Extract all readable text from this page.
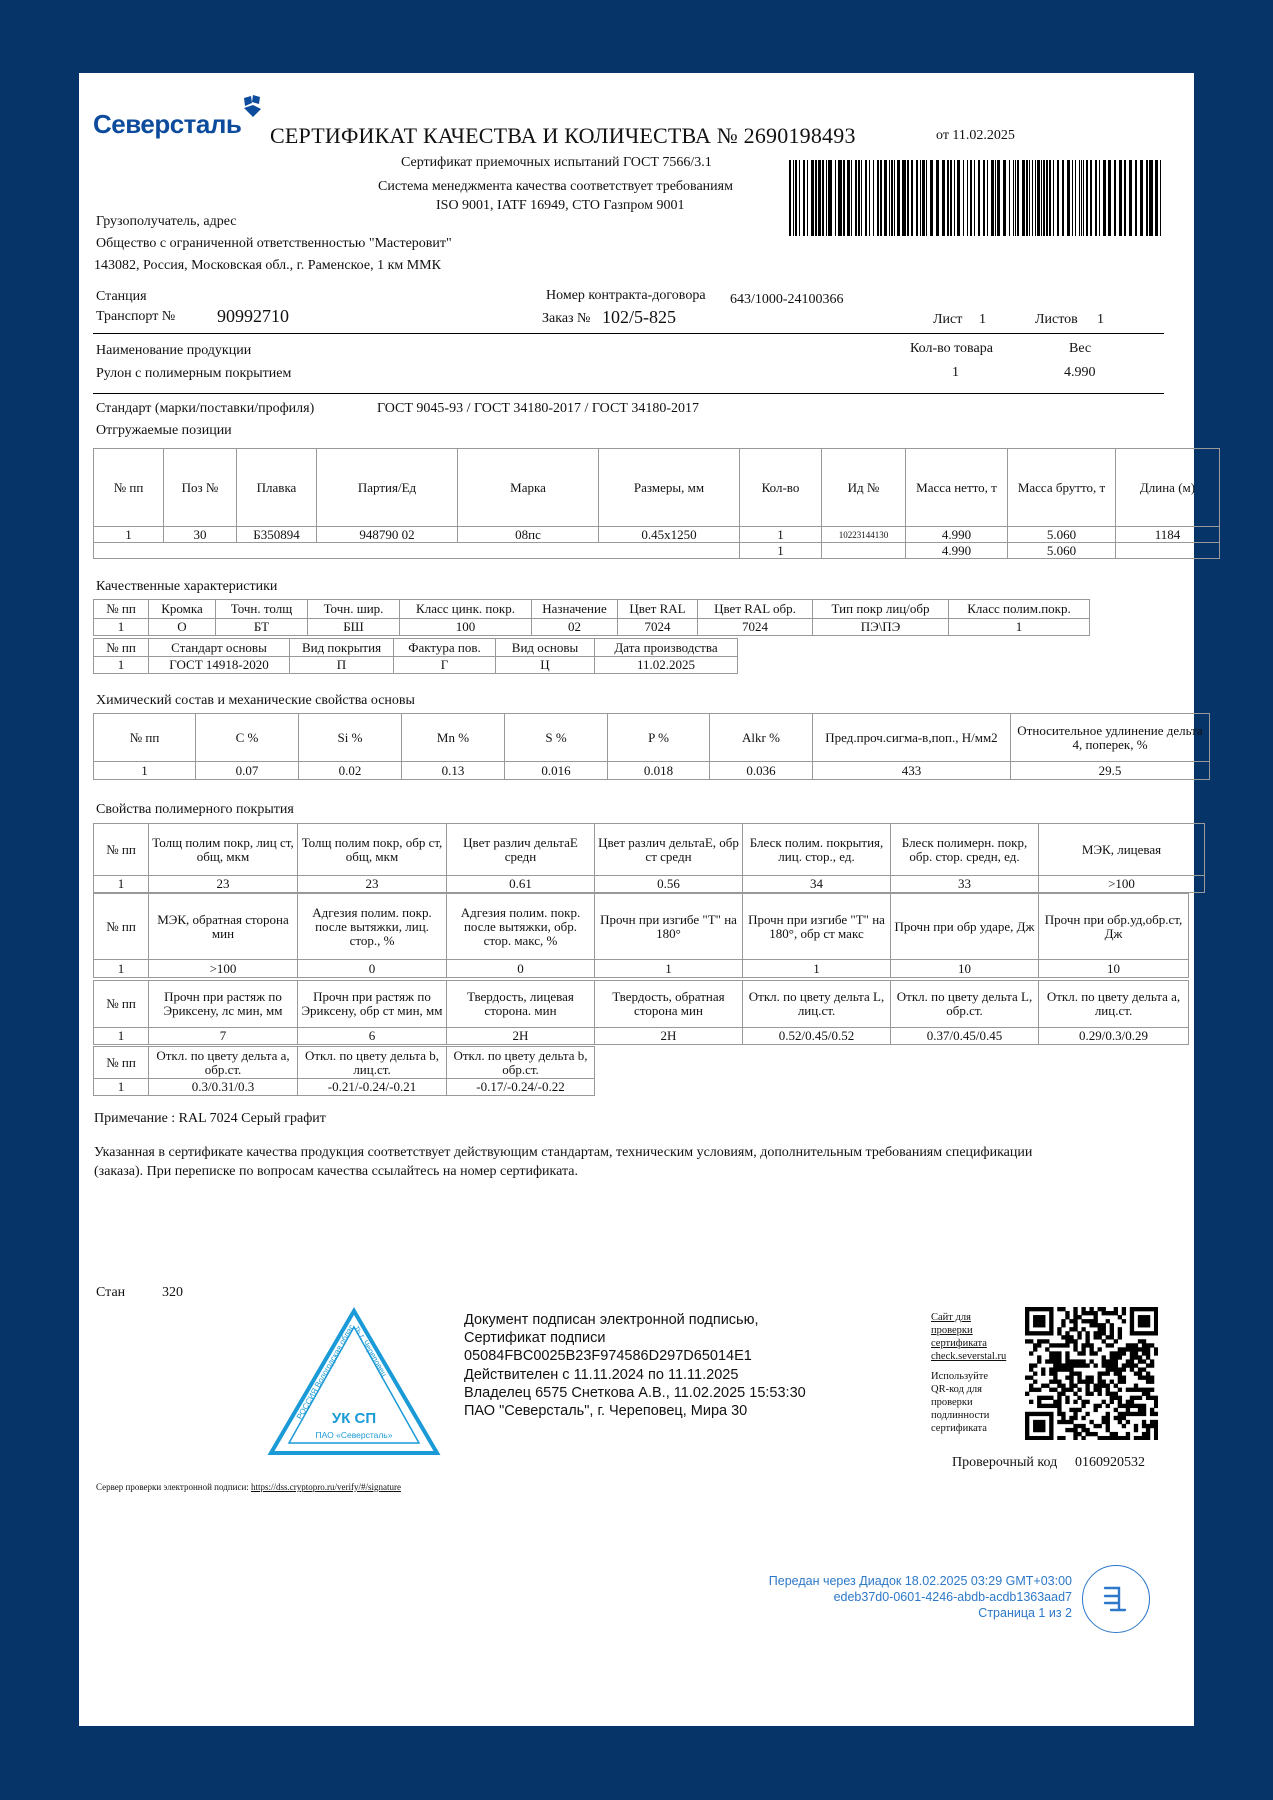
Северсталь СЕРТИФИКАТ КАЧЕСТВА И КОЛИЧЕСТВА № 2690198493	от 11.02.2025
Сертификат приемочных испытаний ГОСТ 7566/3.1
Система менеджмента качества соответствует требованиям
ISO 9001, IATF 16949, СТО Газпром 9001
Грузополучатель, адрес
Общество с ограниченной ответственностью "Мастеровит"
143082, Россия, Московская обл., г. Раменское, 1 км ММК
Станция
Транспорт № 90992710
Номер контракта-договора 643/1000-24100366
Заказ № 102/5-825	Лист 1	Листов 1
Наименование продукции
Рулон с полимерным покрытием
Кол-во товара
1
Вес
4.990
Стандарт (марки/поставки/профиля)	ГОСТ 9045-93 / ГОСТ 34180-2017 / ГОСТ 34180-2017
Отгружаемые позиции
№ пп	Поз №	Плавка	Партия/Ед	Марка	Размеры, мм	Кол-во	Ид №	Масса нетто, т	Масса брутто, т	Длина (м)
1	30	Б350894	948790 02	08пс	0.45x1250	1	10223144130	4.990	5.060	1184
						1		4.990	5.060	
Качественные характеристики
№ пп	Кромка	Точн. толщ	Точн. шир.	Класс цинк. покр.	Назначение	Цвет RAL	Цвет RAL обр.	Тип покр лиц/обр	Класс полим.покр.
1	О	БТ	БШ	100	02	7024	7024	ПЭ\ПЭ	1
№ пп	Стандарт основы	Вид покрытия	Фактура пов.	Вид основы	Дата производства
1	ГОСТ 14918-2020	П	Г	Ц	11.02.2025
Химический состав и механические свойства основы
№ пп	C %	Si %	Mn %	S %	P %	Alkr %	Пред.проч.сигма-в,поп., Н/мм2	Относительное удлинение дельта 4, поперек, %
1	0.07	0.02	0.13	0.016	0.018	0.036	433	29.5
Свойства полимерного покрытия
№ пп	Толщ полим покр, лиц ст, общ, мкм	Толщ полим покр, обр ст, общ, мкм	Цвет различ дельтаE средн	Цвет различ дельтаE, обр ст средн	Блеск полим. покрытия, лиц. стор., ед.	Блеск полимерн. покр, обр. стор. средн, ед.	МЭК, лицевая
1	23	23	0.61	0.56	34	33	>100
№ пп	МЭК, обратная сторона мин	Адгезия полим. покр. после вытяжки, лиц. стор., %	Адгезия полим. покр. после вытяжки, обр. стор. макс, %	Прочн при изгибе "Т" на 180°	Прочн при изгибе "Т" на 180°, обр ст макс	Прочн при обр ударе, Дж	Прочн при обр.уд,обр.ст, Дж
1	>100	0	0	1	1	10	10
№ пп	Прочн при растяж по Эриксену, лс мин, мм	Прочн при растяж по Эриксену, обр ст мин, мм	Твердость, лицевая сторона. мин	Твердость, обратная сторона мин	Откл. по цвету дельта L, лиц.ст.	Откл. по цвету дельта L, обр.ст.	Откл. по цвету дельта а, лиц.ст.
1	7	6	2Н	2Н	0.52/0.45/0.52	0.37/0.45/0.45	0.29/0.3/0.29
№ пп	Откл. по цвету дельта а, обр.ст.	Откл. по цвету дельта b, лиц.ст.	Откл. по цвету дельта b, обр.ст.
1	0.3/0.31/0.3	-0.21/-0.24/-0.21	-0.17/-0.24/-0.22
Примечание : RAL 7024 Серый графит
Указанная в сертификате качества продукция соответствует действующим стандартам, техническим условиям, дополнительным требованиям спецификации
(заказа). При переписке по вопросам качества ссылайтесь на номер сертификата.
Стан	320
РОССИЯ Вологодская область г. Череповец
УК СП
ПАО «Северсталь»
Документ подписан электронной подписью,
Сертификат подписи
05084FBC0025B23F974586D297D65014E1
Действителен с 11.11.2024 по 11.11.2025
Владелец 6575 Снеткова А.В., 11.02.2025 15:53:30
ПАО "Северсталь", г. Череповец, Мира 30
Сайт для
проверки
сертификата
check.severstal.ru
Используйте
QR-код для
проверки
подлинности
сертификата
Проверочный код 0160920532
Сервер проверки электронной подписи: https://dss.cryptopro.ru/verify/#/signature
Передан через Диадок 18.02.2025 03:29 GMT+03:00
edeb37d0-0601-4246-abdb-acdb1363aad7
Страница 1 из 2
